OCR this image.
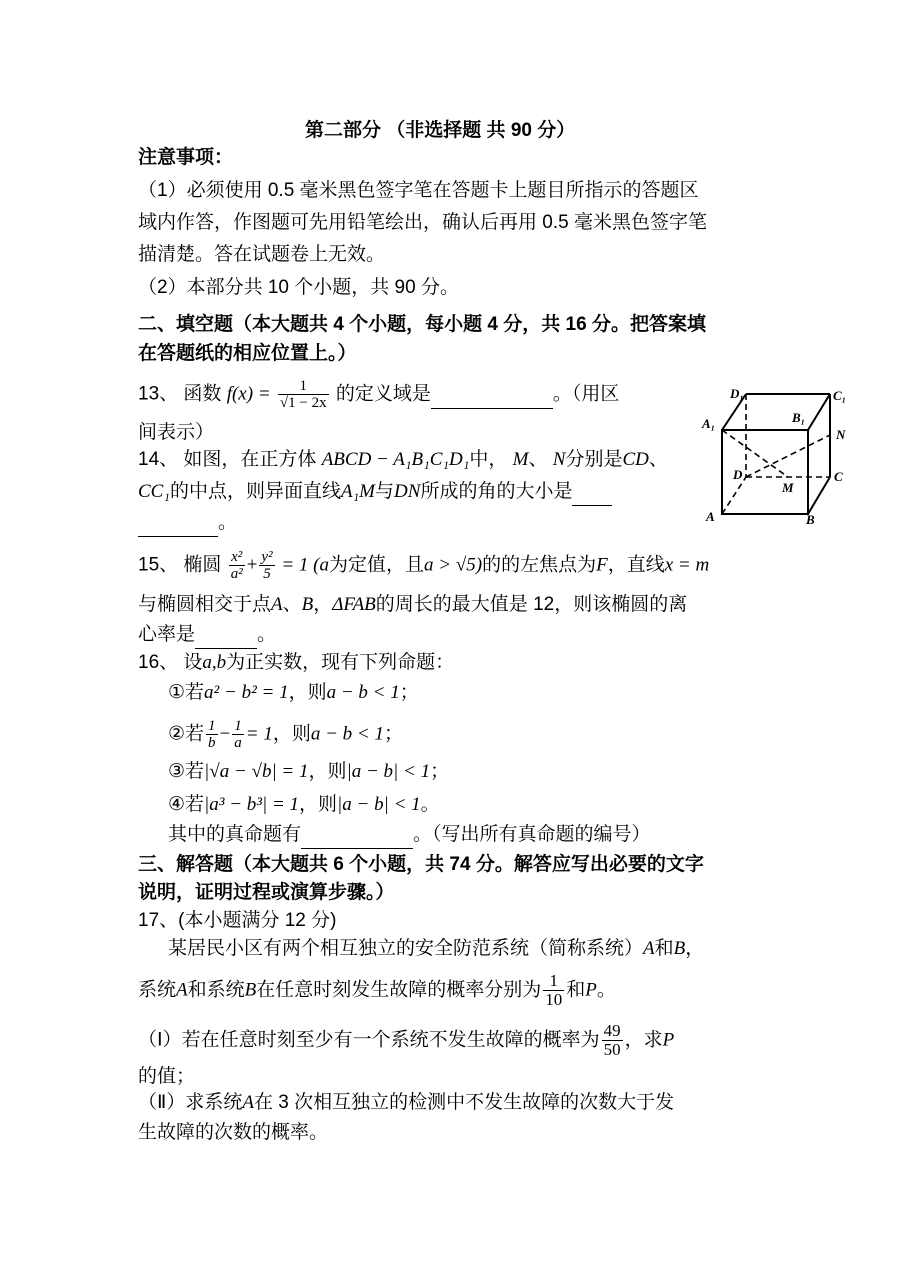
第二部分 （非选择题 共 90 分）
注意事项：
（1）必须使用 0.5 毫米黑色签字笔在答题卡上题目所指示的答题区
域内作答，作图题可先用铅笔绘出，确认后再用 0.5 毫米黑色签字笔
描清楚。答在试题卷上无效。
（2）本部分共 10 个小题，共 90 分。
二、填空题（本大题共 4 个小题，每小题 4 分，共 16 分。把答案填
在答题纸的相应位置上。）
13、 函数 $f(x) = \frac{1}{√1 - 2x}$ 的定义域是	。（用区
间表示）
14、 如图，在正方体 ABCD − A₁B₁C₁D₁中， M、 N分别是CD、
CC₁的中点，则异面直线A₁M与DN所成的角的大小是
。
15、 椭圆 $\frac{\text{x²}}{\text{a²}} + \frac{\text{y²}}{5} = 1$ (a为定值，且a > √5)的的左焦点为F，直线x = m
与椭圆相交于点A、B，ΔFAB的周长的最大值是 12，则该椭圆的离
心率是	。
16、 设a,b为正实数，现有下列命题：
①若a² − b² = 1，则a − b < 1；
②若 $\frac{1}{b} - \frac{1}{a} = 1$，则a − b < 1；
③若|√a − √b| = 1，则|a − b| < 1；
④若|a³ − b³| = 1，则|a − b| < 1。
其中的真命题有	。（写出所有真命题的编号）
三、解答题（本大题共 6 个小题，共 74 分。解答应写出必要的文字
说明，证明过程或演算步骤。）
17、(本小题满分 12 分)
某居民小区有两个相互独立的安全防范系统（简称系统）A和B，
系统A和系统B在任意时刻发生故障的概率分别为 $\frac{1}{10}$ 和P。
（Ⅰ）若在任意时刻至少有一个系统不发生故障的概率为 $\frac{49}{50}$ ，求P
的值；
（Ⅱ）求系统A在 3 次相互独立的检测中不发生故障的次数大于发
生故障的次数的概率。
D₁	C₁
A₁	B₁
N
D	C
M
A	B
